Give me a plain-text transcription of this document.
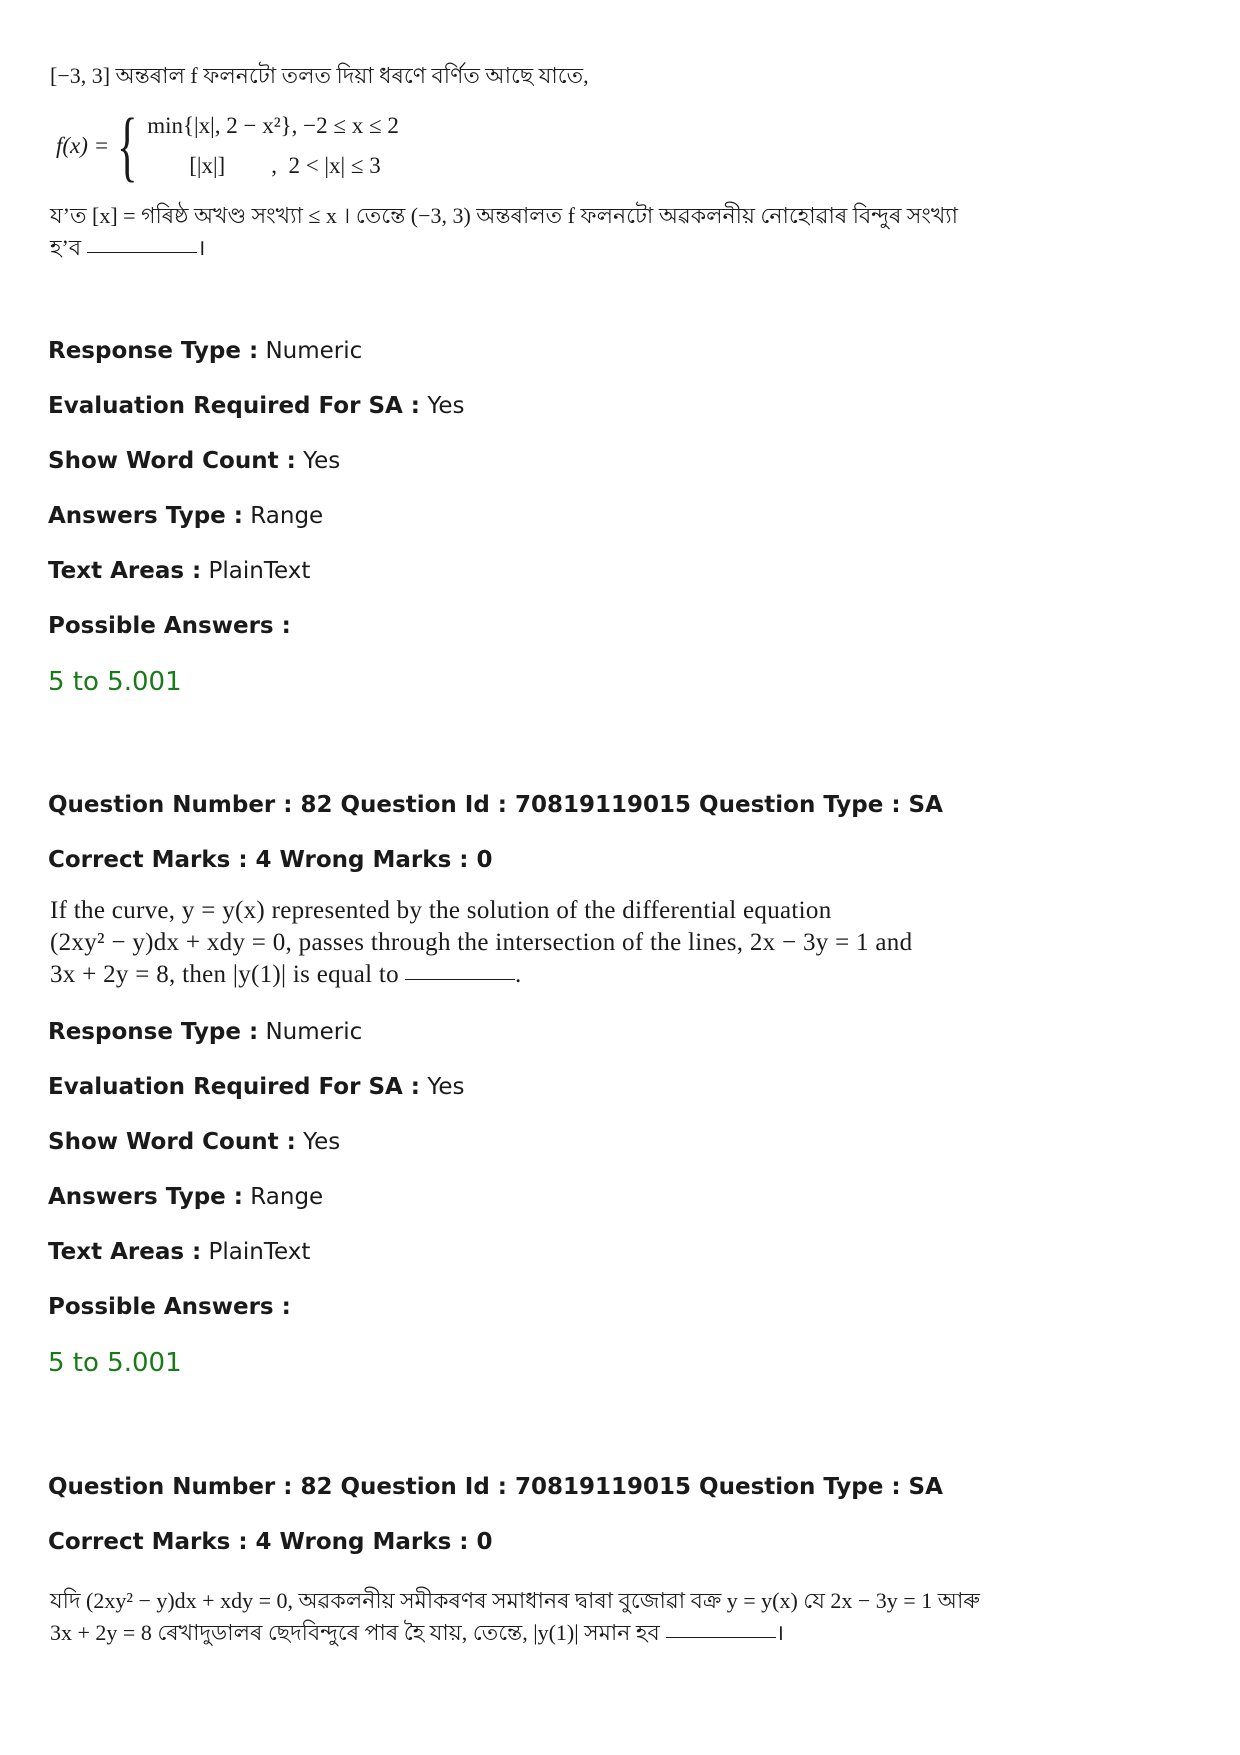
[−3, 3] অন্তৰাল f ফলনটো তলত দিয়া ধৰণে বৰ্ণিত আছে যাতে,
f(x) = { min{|x|, 2 − x²}, −2 ≤ x ≤ 2
[|x|]        ,  2 < |x| ≤ 3
য’ত [x] = গৰিষ্ঠ অখণ্ড সংখ্যা ≤ x । তেন্তে (−3, 3) অন্তৰালত f ফলনটো অৱকলনীয় নোহোৱাৰ বিন্দুৰ সংখ্যা
হ’ব	।
Response Type : Numeric
Evaluation Required For SA : Yes
Show Word Count : Yes
Answers Type : Range
Text Areas : PlainText
Possible Answers :
5 to 5.001
Question Number : 82 Question Id : 70819119015 Question Type : SA
Correct Marks : 4 Wrong Marks : 0
If the curve, y = y(x) represented by the solution of the differential equation
(2xy² − y)dx + xdy = 0, passes through the intersection of the lines, 2x − 3y = 1 and
3x + 2y = 8, then |y(1)| is equal to	.
Response Type : Numeric
Evaluation Required For SA : Yes
Show Word Count : Yes
Answers Type : Range
Text Areas : PlainText
Possible Answers :
5 to 5.001
Question Number : 82 Question Id : 70819119015 Question Type : SA
Correct Marks : 4 Wrong Marks : 0
যদি (2xy² − y)dx + xdy = 0, অৱকলনীয় সমীকৰণৰ সমাধানৰ দ্বাৰা বুজোৱা বক্ৰ y = y(x) যে 2x − 3y = 1 আৰু
3x + 2y = 8 ৰেখাদুডালৰ ছেদবিন্দুৰে পাৰ হৈ যায়, তেন্তে, |y(1)| সমান হব	।
